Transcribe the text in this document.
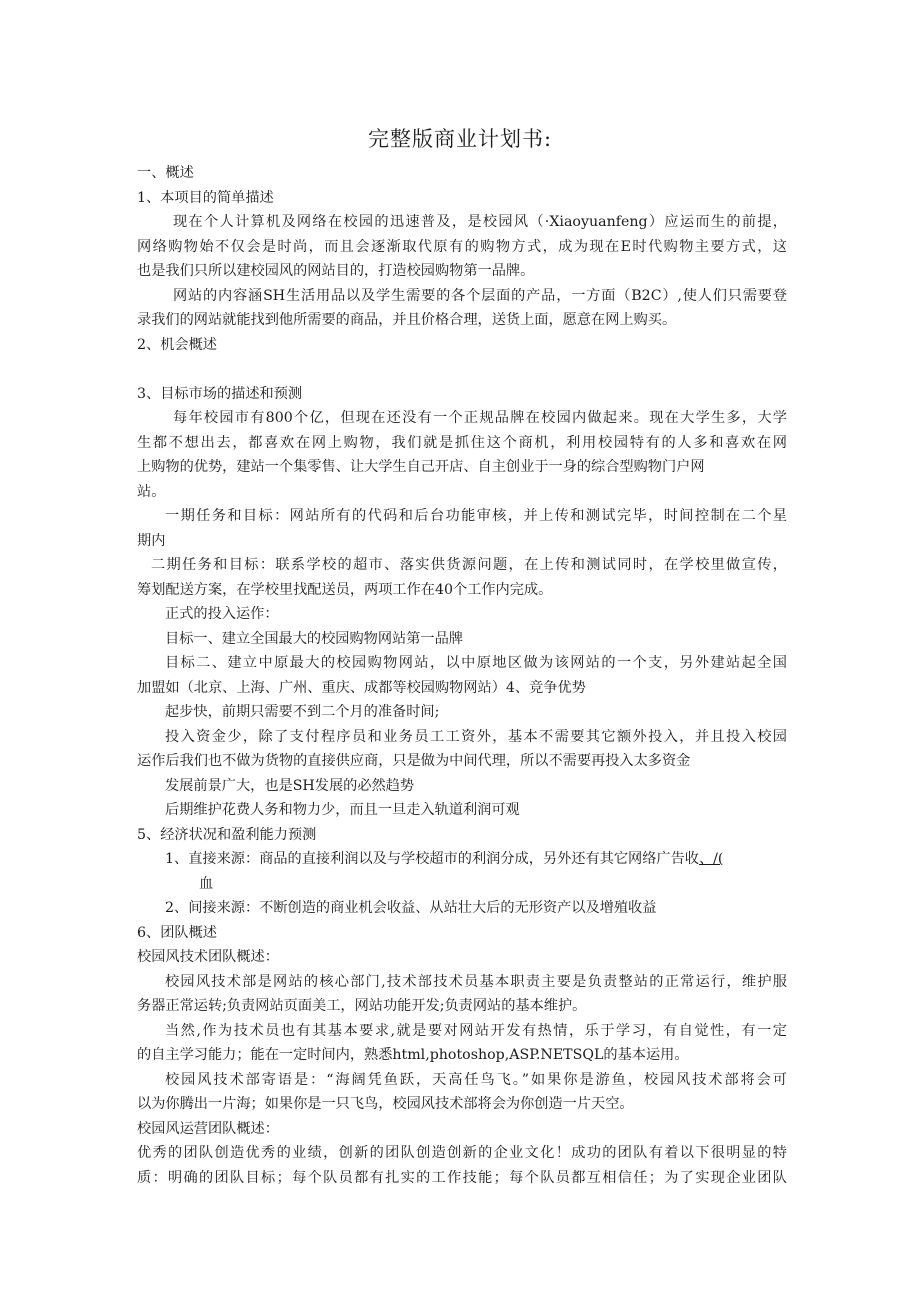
完整版商业计划书:
一、概述
1、本项目的简单描述
现在个人计算机及网络在校园的迅速普及，是校园风（·Xiaoyuanfeng）应运而生的前提，
网络购物始不仅会是时尚，而且会逐渐取代原有的购物方式，成为现在E时代购物主要方式，这
也是我们只所以建校园风的网站目的，打造校园购物第一品牌。
网站的内容涵SH生活用品以及学生需要的各个层面的产品，一方面（B2C）,使人们只需要登
录我们的网站就能找到他所需要的商品，并且价格合理，送货上面，愿意在网上购买。
2、机会概述
3、目标市场的描述和预测
每年校园市有800个亿，但现在还没有一个正规品牌在校园内做起来。现在大学生多，大学
生都不想出去，都喜欢在网上购物，我们就是抓住这个商机，利用校园特有的人多和喜欢在网
上购物的优势，建站一个集零售、让大学生自己开店、自主创业于一身的综合型购物门户网
站。
一期任务和目标：网站所有的代码和后台功能审核，并上传和测试完毕，时间控制在二个星
期内
二期任务和目标：联系学校的超市、落实供货源问题，在上传和测试同时，在学校里做宣传，
筹划配送方案，在学校里找配送员，两项工作在40个工作内完成。
正式的投入运作：
目标一、建立全国最大的校园购物网站第一品牌
目标二、建立中原最大的校园购物网站，以中原地区做为该网站的一个支，另外建站起全国
加盟如（北京、上海、广州、重庆、成都等校园购物网站）4、竞争优势
起步快，前期只需要不到二个月的准备时间;
投入资金少，除了支付程序员和业务员工工资外，基本不需要其它额外投入，并且投入校园
运作后我们也不做为货物的直接供应商，只是做为中间代理，所以不需要再投入太多资金
发展前景广大，也是SH发展的必然趋势
后期维护花费人务和物力少，而且一旦走入轨道利润可观
5、经济状况和盈利能力预测
1、直接来源：商品的直接利润以及与学校超市的利润分成，另外还有其它网络广告收、/(
血
2、间接来源：不断创造的商业机会收益、从站壮大后的无形资产以及增殖收益
6、团队概述
校园风技术团队概述：
校园风技术部是网站的核心部门,技术部技术员基本职责主要是负责整站的正常运行，维护服
务器正常运转;负责网站页面美工，网站功能开发;负责网站的基本维护。
当然,作为技术员也有其基本要求,就是要对网站开发有热情，乐于学习，有自觉性，有一定
的自主学习能力；能在一定时间内，熟悉html,photoshop,ASP.NETSQL的基本运用。
校园风技术部寄语是：“海阔凭鱼跃，天高任鸟飞。”如果你是游鱼，校园风技术部将会可
以为你腾出一片海；如果你是一只飞鸟，校园风技术部将会为你创造一片天空。
校园风运营团队概述：
优秀的团队创造优秀的业绩，创新的团队创造创新的企业文化！成功的团队有着以下很明显的特
质：明确的团队目标；每个队员都有扎实的工作技能；每个队员都互相信任；为了实现企业团队
